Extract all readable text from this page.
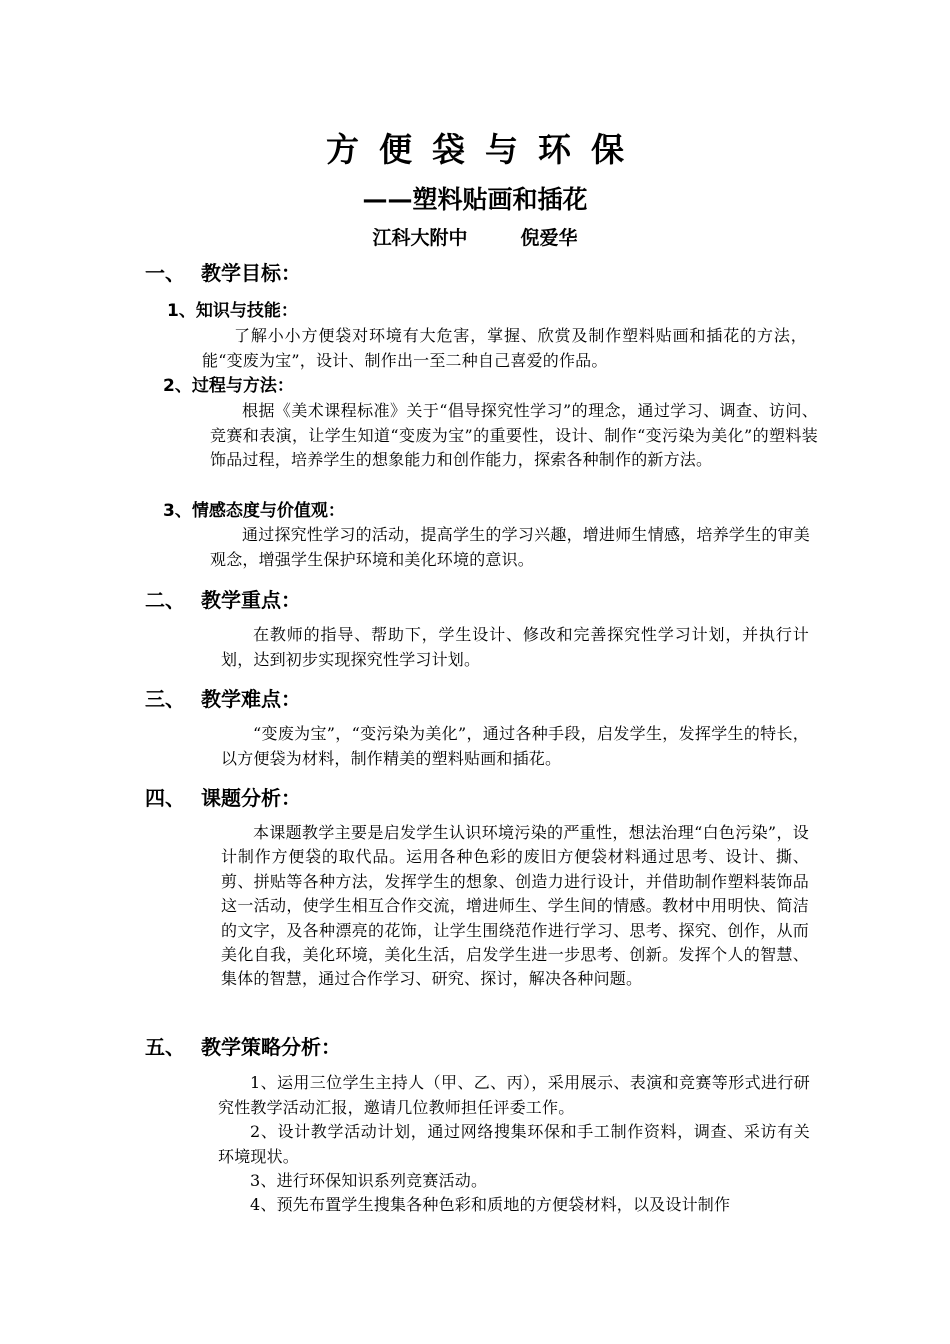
方便袋与环保
——塑料贴画和插花
江科大附中        倪爱华
一、 教学目标：
1、知识与技能：
了解小小方便袋对环境有大危害，掌握、欣赏及制作塑料贴画和插花的方法，能“变废为宝”，设计、制作出一至二种自己喜爱的作品。
2、过程与方法：
根据《美术课程标准》关于“倡导探究性学习”的理念，通过学习、调查、访问、竞赛和表演，让学生知道“变废为宝”的重要性，设计、制作“变污染为美化”的塑料装饰品过程，培养学生的想象能力和创作能力，探索各种制作的新方法。
3、情感态度与价值观：
通过探究性学习的活动，提高学生的学习兴趣，增进师生情感，培养学生的审美观念，增强学生保护环境和美化环境的意识。
二、 教学重点：
在教师的指导、帮助下，学生设计、修改和完善探究性学习计划，并执行计划，达到初步实现探究性学习计划。
三、 教学难点：
“变废为宝”，“变污染为美化”，通过各种手段，启发学生，发挥学生的特长，以方便袋为材料，制作精美的塑料贴画和插花。
四、 课题分析：
本课题教学主要是启发学生认识环境污染的严重性，想法治理“白色污染”，设计制作方便袋的取代品。运用各种色彩的废旧方便袋材料通过思考、设计、撕、剪、拼贴等各种方法，发挥学生的想象、创造力进行设计，并借助制作塑料装饰品这一活动，使学生相互合作交流，增进师生、学生间的情感。教材中用明快、简洁的文字，及各种漂亮的花饰，让学生围绕范作进行学习、思考、探究、创作，从而美化自我，美化环境，美化生活，启发学生进一步思考、创新。发挥个人的智慧、集体的智慧，通过合作学习、研究、探讨，解决各种问题。
五、 教学策略分析：
1、运用三位学生主持人（甲、乙、丙），采用展示、表演和竞赛等形式进行研究性教学活动汇报，邀请几位教师担任评委工作。
2、设计教学活动计划，通过网络搜集环保和手工制作资料，调查、采访有关环境现状。
3、进行环保知识系列竞赛活动。
4、预先布置学生搜集各种色彩和质地的方便袋材料，以及设计制作
